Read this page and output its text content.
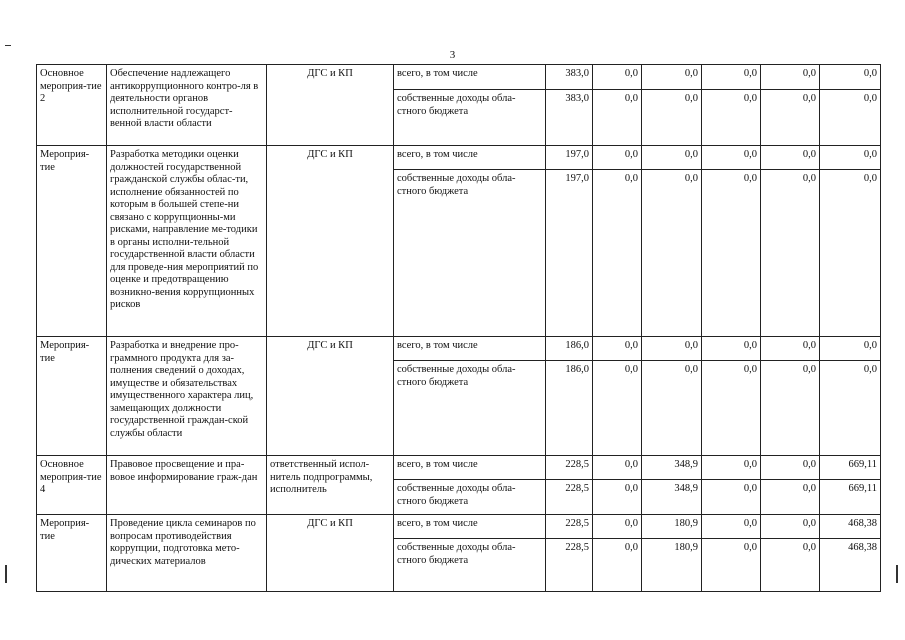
3
Основное мероприя-тие 2	Обеспечение надлежащего антикоррупционного контро-ля в деятельности органов исполнительной государст-венной власти области	ДГС и КП	всего, в том числе	383,0	0,0	0,0	0,0	0,0	0,0
			собственные доходы обла-стного бюджета	383,0	0,0	0,0	0,0	0,0	0,0
Мероприя-тие	Разработка методики оценки должностей государственной гражданской службы облас-ти, исполнение обязанностей по которым в большей степе-ни связано с коррупционны-ми рисками, направление ме-тодики в органы исполни-тельной государственной власти области для проведе-ния мероприятий по оценке и предотвращению возникно-вения коррупционных рисков	ДГС и КП	всего, в том числе	197,0	0,0	0,0	0,0	0,0	0,0
			собственные доходы обла-стного бюджета	197,0	0,0	0,0	0,0	0,0	0,0
Мероприя-тие	Разработка и внедрение про-граммного продукта для за-полнения сведений о доходах, имуществе и обязательствах имущественного характера лиц, замещающих должности государственной граждан-ской службы области	ДГС и КП	всего, в том числе	186,0	0,0	0,0	0,0	0,0	0,0
			собственные доходы обла-стного бюджета	186,0	0,0	0,0	0,0	0,0	0,0
Основное мероприя-тие 4	Правовое просвещение и пра-вовое информирование граж-дан	ответственный испол-нитель подпрограммы, исполнитель	всего, в том числе	228,5	0,0	348,9	0,0	0,0	669,11
			собственные доходы обла-стного бюджета	228,5	0,0	348,9	0,0	0,0	669,11
Мероприя-тие	Проведение цикла семинаров по вопросам противодействия коррупции, подготовка мето-дических материалов	ДГС и КП	всего, в том числе	228,5	0,0	180,9	0,0	0,0	468,38
			собственные доходы обла-стного бюджета	228,5	0,0	180,9	0,0	0,0	468,38
